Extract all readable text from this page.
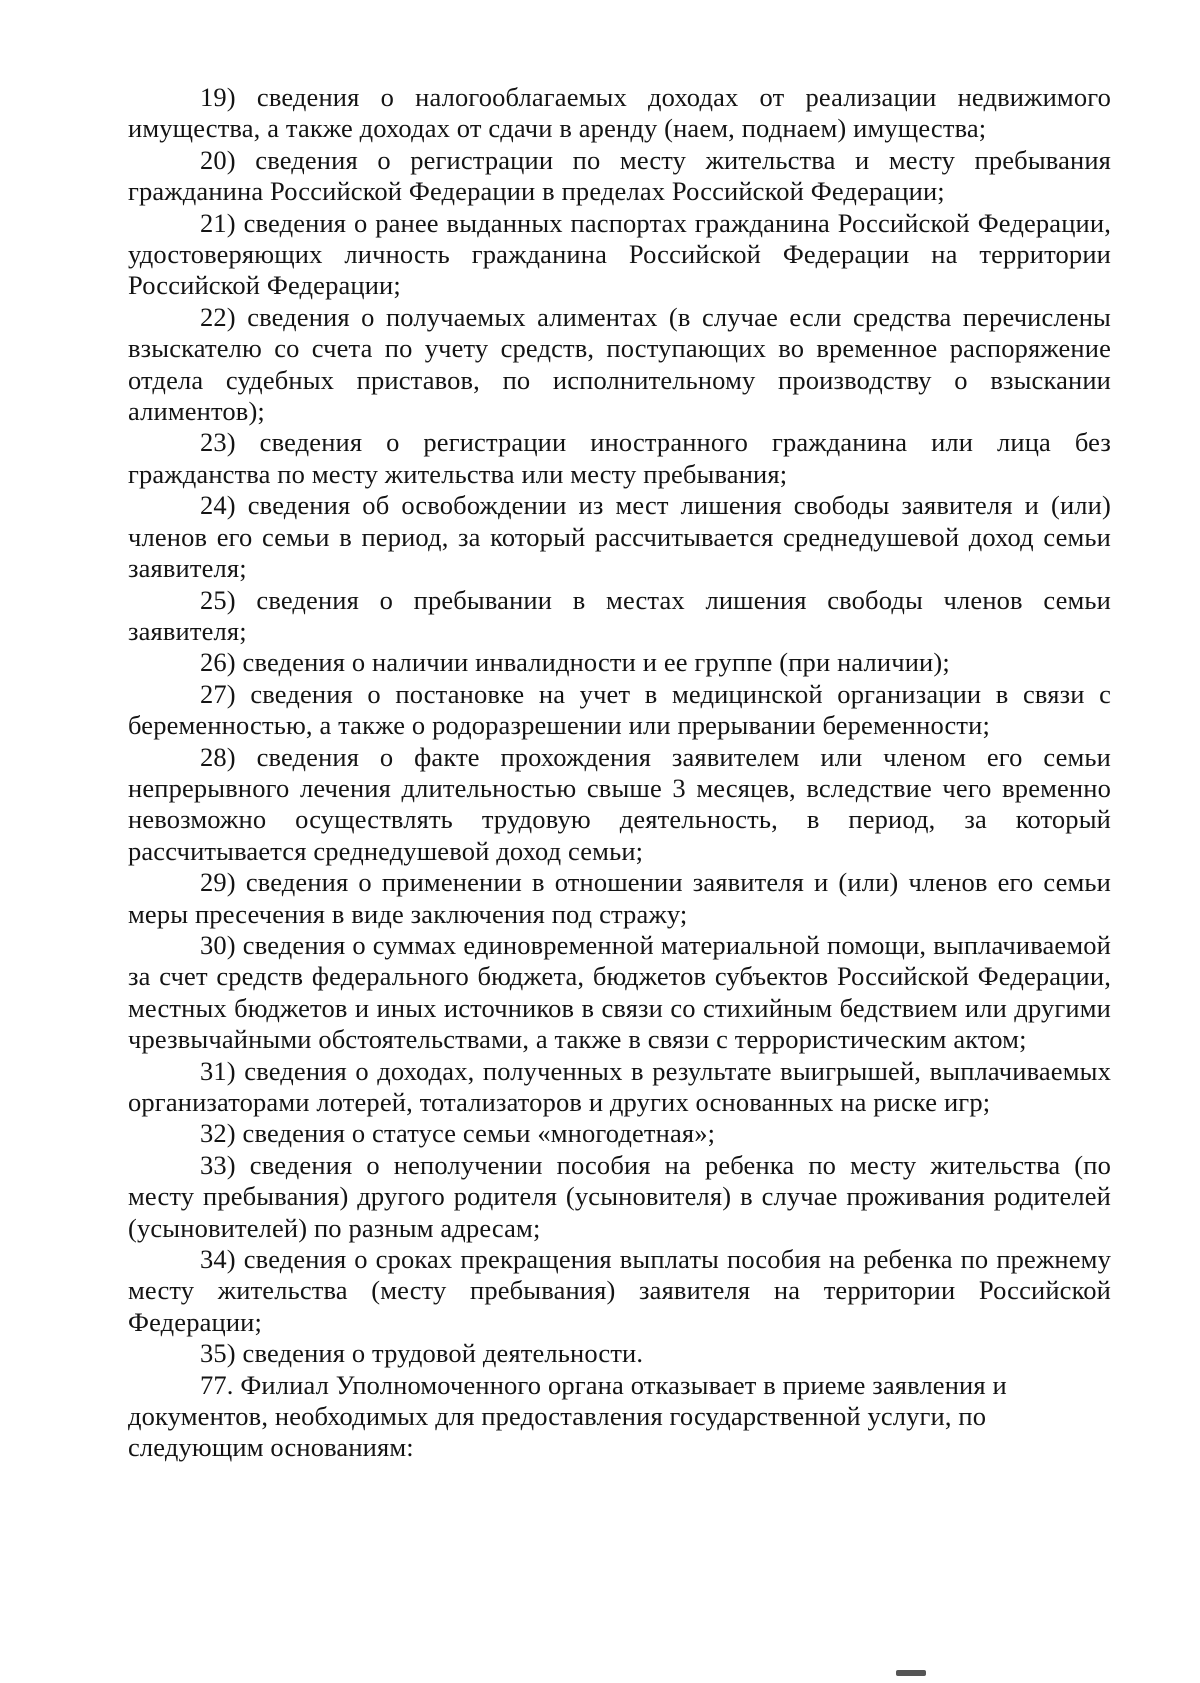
19) сведения о налогооблагаемых доходах от реализации недвижимого имущества, а также доходах от сдачи в аренду (наем, поднаем) имущества;

20) сведения о регистрации по месту жительства и месту пребывания гражданина Российской Федерации в пределах Российской Федерации;

21) сведения о ранее выданных паспортах гражданина Российской Федерации, удостоверяющих личность гражданина Российской Федерации на территории Российской Федерации;

22) сведения о получаемых алиментах (в случае если средства перечислены взыскателю со счета по учету средств, поступающих во временное распоряжение отдела судебных приставов, по исполнительному производству о взыскании алиментов);

23) сведения о регистрации иностранного гражданина или лица без гражданства по месту жительства или месту пребывания;

24) сведения об освобождении из мест лишения свободы заявителя и (или) членов его семьи в период, за который рассчитывается среднедушевой доход семьи заявителя;

25) сведения о пребывании в местах лишения свободы членов семьи заявителя;

26) сведения о наличии инвалидности и ее группе (при наличии);

27) сведения о постановке на учет в медицинской организации в связи с беременностью, а также о родоразрешении или прерывании беременности;

28) сведения о факте прохождения заявителем или членом его семьи непрерывного лечения длительностью свыше 3 месяцев, вследствие чего временно невозможно осуществлять трудовую деятельность, в период, за который рассчитывается среднедушевой доход семьи;

29) сведения о применении в отношении заявителя и (или) членов его семьи меры пресечения в виде заключения под стражу;

30) сведения о суммах единовременной материальной помощи, выплачиваемой за счет средств федерального бюджета, бюджетов субъектов Российской Федерации, местных бюджетов и иных источников в связи со стихийным бедствием или другими чрезвычайными обстоятельствами, а также в связи с террористическим актом;

31) сведения о доходах, полученных в результате выигрышей, выплачиваемых организаторами лотерей, тотализаторов и других основанных на риске игр;

32) сведения о статусе семьи «многодетная»;

33) сведения о неполучении пособия на ребенка по месту жительства (по месту пребывания) другого родителя (усыновителя) в случае проживания родителей (усыновителей) по разным адресам;

34) сведения о сроках прекращения выплаты пособия на ребенка по прежнему месту жительства (месту пребывания) заявителя на территории Российской Федерации;

35) сведения о трудовой деятельности.

77. Филиал Уполномоченного органа отказывает в приеме заявления и документов, необходимых для предоставления государственной услуги, по следующим основаниям:
